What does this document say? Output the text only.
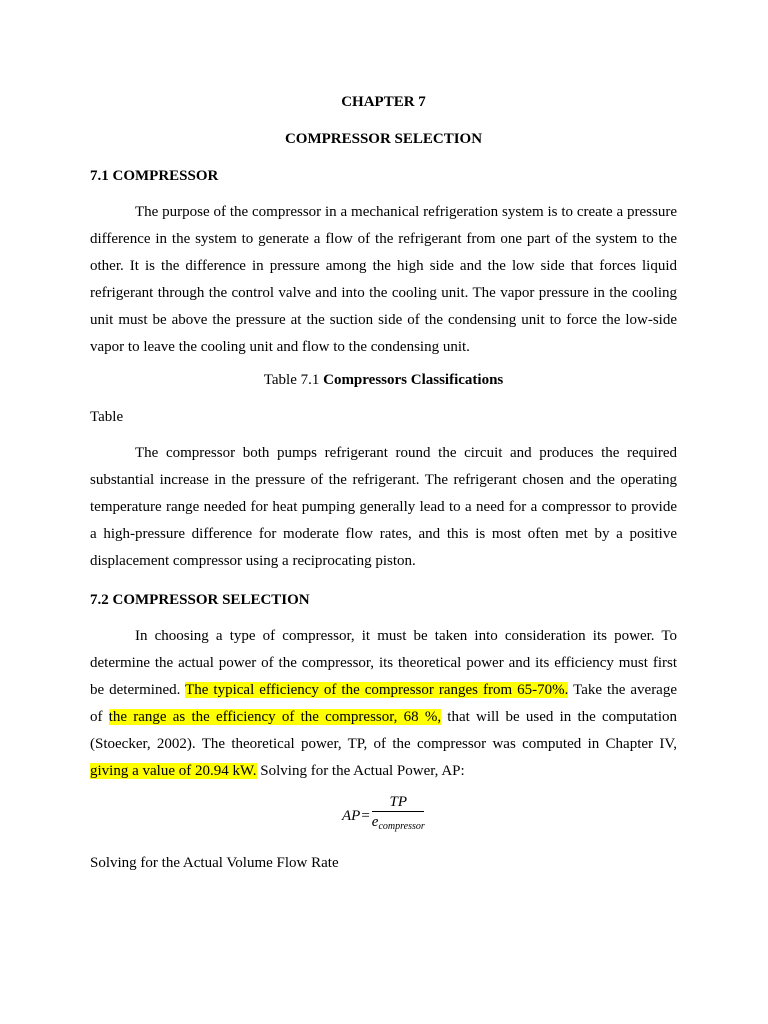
CHAPTER 7

COMPRESSOR SELECTION

7.1 COMPRESSOR

The purpose of the compressor in a mechanical refrigeration system is to create a pressure difference in the system to generate a flow of the refrigerant from one part of the system to the other. It is the difference in pressure among the high side and the low side that forces liquid refrigerant through the control valve and into the cooling unit. The vapor pressure in the cooling unit must be above the pressure at the suction side of the condensing unit to force the low-side vapor to leave the cooling unit and flow to the condensing unit.

Table 7.1 Compressors Classifications

Table

The compressor both pumps refrigerant round the circuit and produces the required substantial increase in the pressure of the refrigerant. The refrigerant chosen and the operating temperature range needed for heat pumping generally lead to a need for a compressor to provide a high-pressure difference for moderate flow rates, and this is most often met by a positive displacement compressor using a reciprocating piston.

7.2 COMPRESSOR SELECTION

In choosing a type of compressor, it must be taken into consideration its power. To determine the actual power of the compressor, its theoretical power and its efficiency must first be determined. The typical efficiency of the compressor ranges from 65-70%. Take the average of the range as the efficiency of the compressor, 68 %, that will be used in the computation (Stoecker, 2002). The theoretical power, TP, of the compressor was computed in Chapter IV, giving a value of 20.94 kW. Solving for the Actual Power, AP:

AP = $\frac{TP}{e_{compressor}}$

Solving for the Actual Volume Flow Rate
